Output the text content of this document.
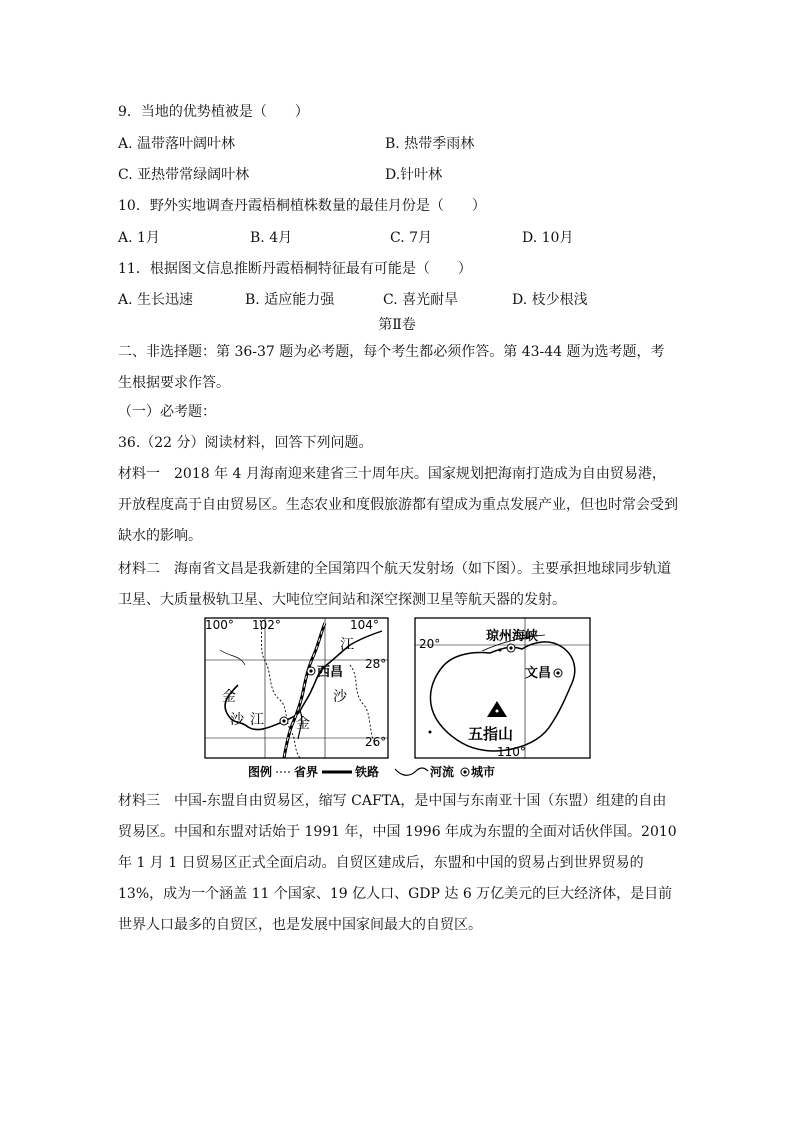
9．当地的优势植被是（　　）
A. 温带落叶阔叶林	B. 热带季雨林
C. 亚热带常绿阔叶林	D.针叶林
10．野外实地调查丹霞梧桐植株数量的最佳月份是（　　）
A. 1月	B. 4月	C. 7月	D. 10月
11．根据图文信息推断丹霞梧桐特征最有可能是（　　）
A. 生长迅速	B. 适应能力强	C. 喜光耐旱	D. 枝少根浅
第Ⅱ卷
二、非选择题：第 36-37 题为必考题，每个考生都必须作答。第 43-44 题为选考题，考生根据要求作答。
（一）必考题：
36.（22 分）阅读材料，回答下列问题。
材料一 2018 年 4 月海南迎来建省三十周年庆。国家规划把海南打造成为自由贸易港，开放程度高于自由贸易区。生态农业和度假旅游都有望成为重点发展产业，但也时常会受到缺水的影响。
材料二 海南省文昌是我新建的全国第四个航天发射场（如下图）。主要承担地球同步轨道卫星、大质量极轨卫星、大吨位空间站和深空探测卫星等航天器的发射。
100° 102°	104°
28°
26°
西昌
江
沙
金
沙 江 金
20°	琼州海峡
文昌
五指山
110°
图例 省界	铁路	河流 城市
材料三 中国-东盟自由贸易区，缩写 CAFTA，是中国与东南亚十国（东盟）组建的自由贸易区。中国和东盟对话始于 1991 年，中国 1996 年成为东盟的全面对话伙伴国。2010 年 1 月 1 日贸易区正式全面启动。自贸区建成后，东盟和中国的贸易占到世界贸易的 13%，成为一个涵盖 11 个国家、19 亿人口、GDP 达 6 万亿美元的巨大经济体，是目前世界人口最多的自贸区，也是发展中国家间最大的自贸区。
